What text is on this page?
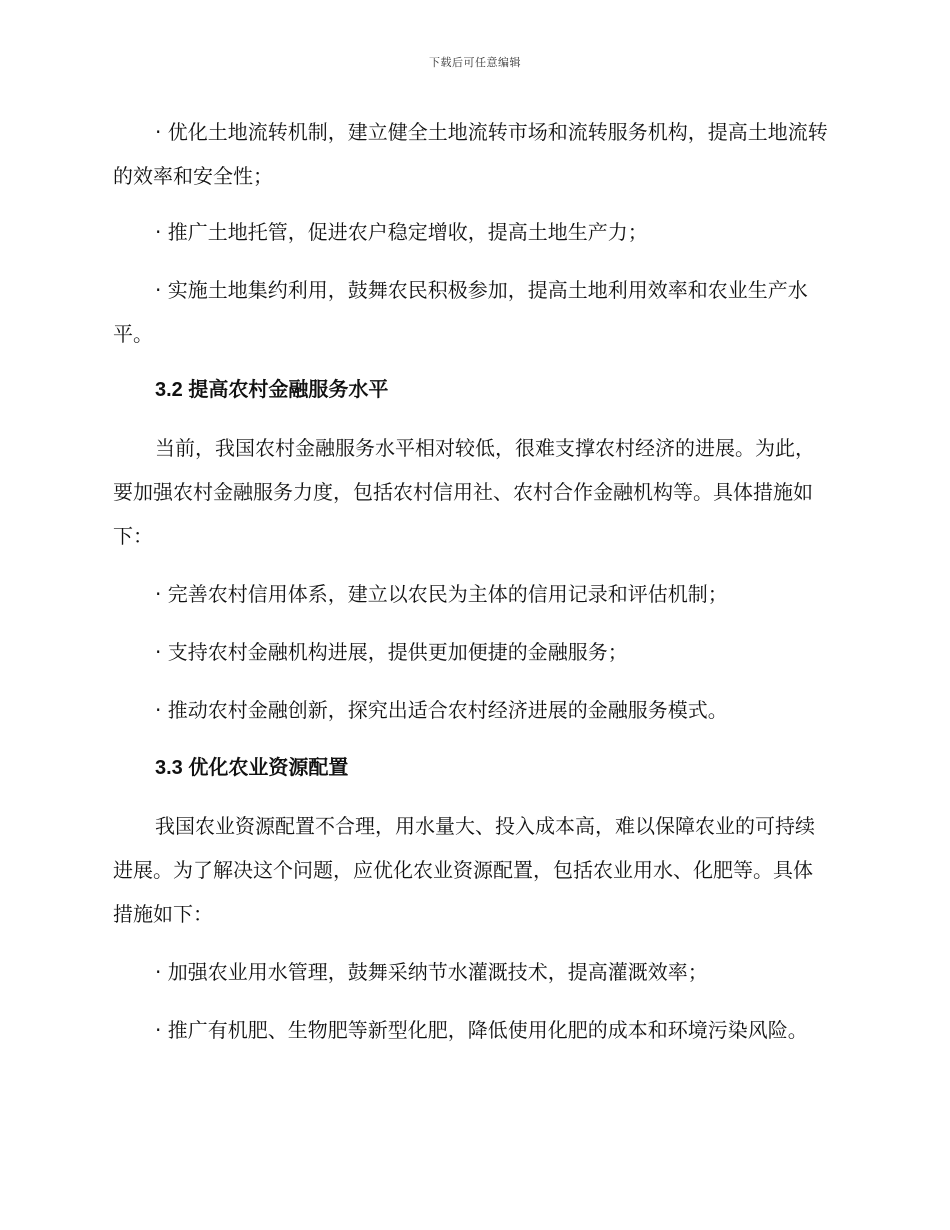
下载后可任意编辑

· 优化土地流转机制，建立健全土地流转市场和流转服务机构，提高土地流转的效率和安全性；

· 推广土地托管，促进农户稳定增收，提高土地生产力；

· 实施土地集约利用，鼓舞农民积极参加，提高土地利用效率和农业生产水平。

3.2 提高农村金融服务水平

当前，我国农村金融服务水平相对较低，很难支撑农村经济的进展。为此，要加强农村金融服务力度，包括农村信用社、农村合作金融机构等。具体措施如下：

· 完善农村信用体系，建立以农民为主体的信用记录和评估机制；

· 支持农村金融机构进展，提供更加便捷的金融服务；

· 推动农村金融创新，探究出适合农村经济进展的金融服务模式。

3.3 优化农业资源配置

我国农业资源配置不合理，用水量大、投入成本高，难以保障农业的可持续进展。为了解决这个问题，应优化农业资源配置，包括农业用水、化肥等。具体措施如下：

· 加强农业用水管理，鼓舞采纳节水灌溉技术，提高灌溉效率；

· 推广有机肥、生物肥等新型化肥，降低使用化肥的成本和环境污染风险。
